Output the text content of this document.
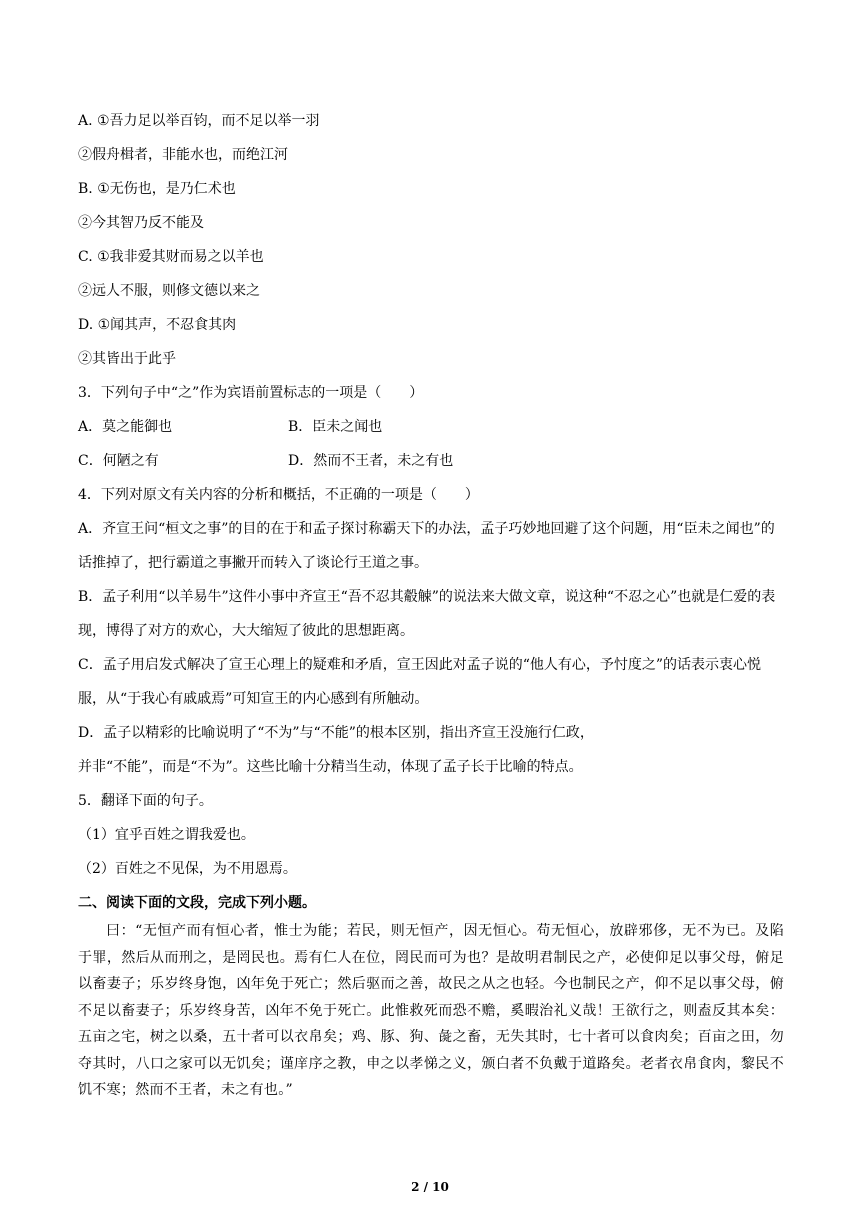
A. ①吾力足以举百钧，而不足以举一羽
②假舟楫者，非能水也，而绝江河
B. ①无伤也，是乃仁术也
②今其智乃反不能及
C. ①我非爱其财而易之以羊也
②远人不服，则修文德以来之
D. ①闻其声，不忍食其肉
②其皆出于此乎
3．下列句子中“之”作为宾语前置标志的一项是（　　）
A．莫之能御也	B．臣未之闻也
C．何陋之有	D．然而不王者，未之有也
4．下列对原文有关内容的分析和概括，不正确的一项是（　　）
A．齐宣王问“桓文之事”的目的在于和孟子探讨称霸天下的办法，孟子巧妙地回避了这个问题，用“臣未之闻也”的话推掉了，把行霸道之事撇开而转入了谈论行王道之事。
B．孟子利用“以羊易牛”这件小事中齐宣王“吾不忍其觳觫”的说法来大做文章，说这种“不忍之心”也就是仁爱的表现，博得了对方的欢心，大大缩短了彼此的思想距离。
C．孟子用启发式解决了宣王心理上的疑难和矛盾，宣王因此对孟子说的“他人有心，予忖度之”的话表示衷心悦服，从“于我心有戚戚焉”可知宣王的内心感到有所触动。
D．孟子以精彩的比喻说明了“不为”与“不能”的根本区别，指出齐宣王没施行仁政，
并非“不能”，而是“不为”。这些比喻十分精当生动，体现了孟子长于比喻的特点。
5．翻译下面的句子。
（1）宜乎百姓之谓我爱也。
（2）百姓之不见保，为不用恩焉。
二、阅读下面的文段，完成下列小题。
曰：“无恒产而有恒心者，惟士为能；若民，则无恒产，因无恒心。苟无恒心，放辟邪侈，无不为已。及陷于罪，然后从而刑之，是罔民也。焉有仁人在位，罔民而可为也？是故明君制民之产，必使仰足以事父母，俯足以畜妻子；乐岁终身饱，凶年免于死亡；然后驱而之善，故民之从之也轻。今也制民之产，仰不足以事父母，俯不足以畜妻子；乐岁终身苦，凶年不免于死亡。此惟救死而恐不赡，奚暇治礼义哉！王欲行之，则盍反其本矣：五亩之宅，树之以桑，五十者可以衣帛矣；鸡、豚、狗、彘之畜，无失其时，七十者可以食肉矣；百亩之田，勿夺其时，八口之家可以无饥矣；谨庠序之教，申之以孝悌之义，颁白者不负戴于道路矣。老者衣帛食肉，黎民不饥不寒；然而不王者，未之有也。”
2 / 10
